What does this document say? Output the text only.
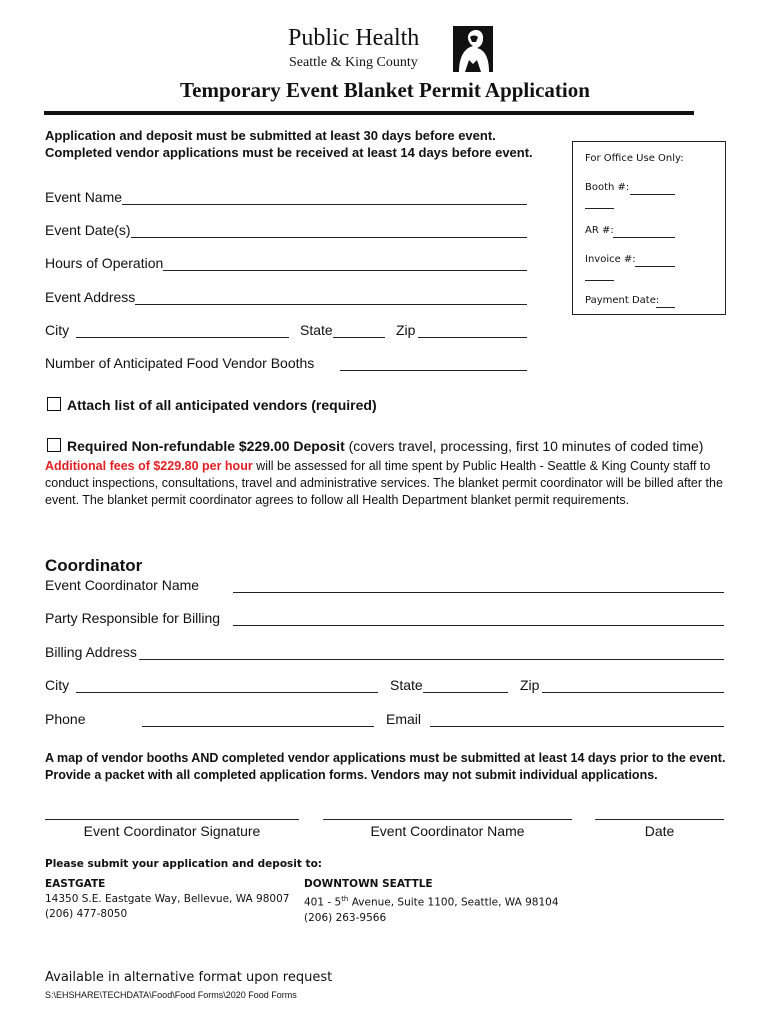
Public Health
Seattle & King County
Temporary Event Blanket Permit Application
Application and deposit must be submitted at least 30 days before event.
Completed vendor applications must be received at least 14 days before event.	For Office Use Only:
Booth #:
AR #:
Invoice #:
Payment Date:
Event Name
Event Date(s)
Hours of Operation
Event Address
City	State	Zip
Number of Anticipated Food Vendor Booths
Attach list of all anticipated vendors (required)
Required Non-refundable $229.00 Deposit (covers travel, processing, first 10 minutes of coded time)
Additional fees of $229.80 per hour will be assessed for all time spent by Public Health - Seattle & King County staff to conduct inspections, consultations, travel and administrative services. The blanket permit coordinator will be billed after the event. The blanket permit coordinator agrees to follow all Health Department blanket permit requirements.
Coordinator
Event Coordinator Name
Party Responsible for Billing
Billing Address
City	State	Zip
Phone	Email
A map of vendor booths AND completed vendor applications must be submitted at least 14 days prior to the event. Provide a packet with all completed application forms. Vendors may not submit individual applications.
Event Coordinator Signature	Event Coordinator Name	Date
Please submit your application and deposit to:
EASTGATE
14350 S.E. Eastgate Way, Bellevue, WA 98007
(206) 477-8050
DOWNTOWN SEATTLE
401 - 5th Avenue, Suite 1100, Seattle, WA 98104
(206) 263-9566
Available in alternative format upon request
S:\EHSHARE\TECHDATA\Food\Food Forms\2020 Food Forms
